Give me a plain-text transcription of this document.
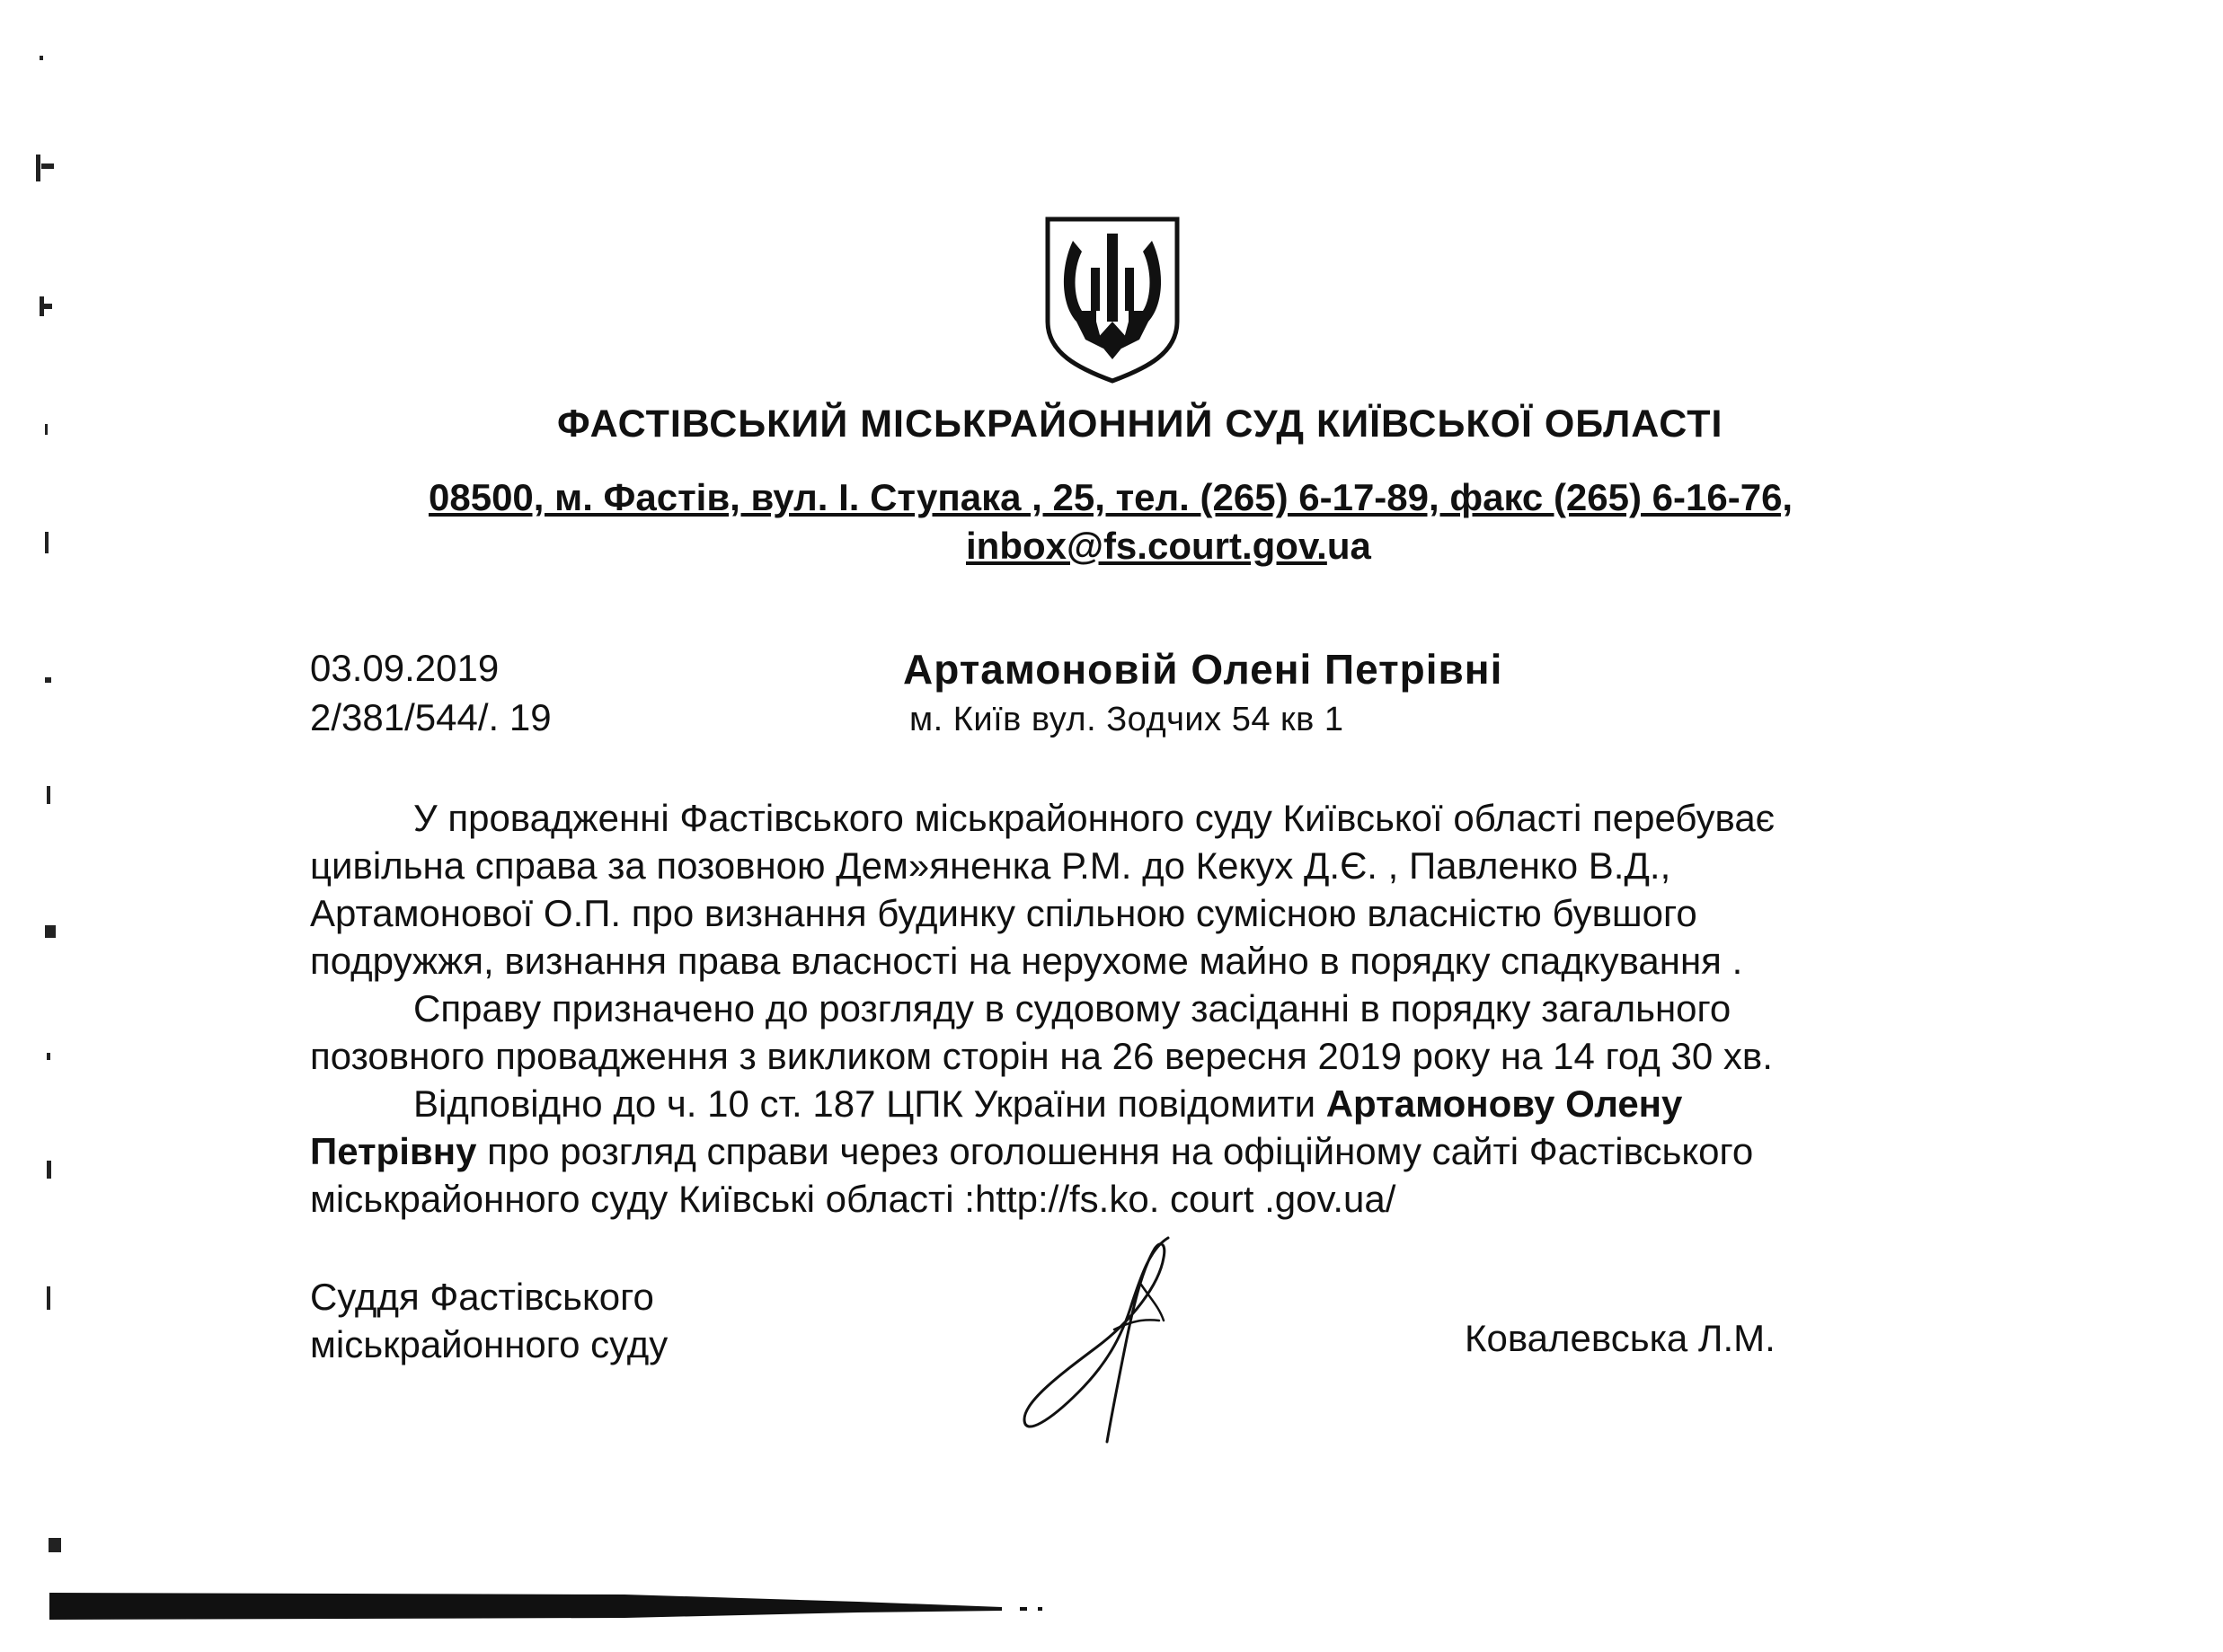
ФАСТІВСЬКИЙ МІСЬКРАЙОННИЙ СУД КИЇВСЬКОЇ ОБЛАСТІ
08500, м. Фастів, вул. І. Ступака , 25, тел. (265) 6-17-89, факс (265) 6-16-76,
inbox@fs.court.gov.ua
03.09.2019
2/381/544/. 19
Артамоновій Олені Петрівні
м. Київ вул. Зодчих 54 кв 1
У провадженні Фастівського міськрайонного суду Київської області перебуває
цивільна справа за позовною Дем»яненка Р.М. до Кекух Д.Є. , Павленко В.Д.,
Артамонової О.П. про визнання будинку спільною сумісною власністю бувшого
подружжя, визнання права власності на нерухоме майно в порядку спадкування .
Справу призначено до розгляду в судовому засіданні в порядку загального
позовного провадження з викликом сторін на 26 вересня 2019 року на 14 год 30 хв.
Відповідно до ч. 10 ст. 187 ЦПК України повідомити Артамонову Олену
Петрівну про розгляд справи через оголошення на офіційному сайті Фастівського
міськрайонного суду Київські області :http://fs.ko. court .gov.ua/
Суддя Фастівського
міськрайонного суду	Ковалевська Л.М.
